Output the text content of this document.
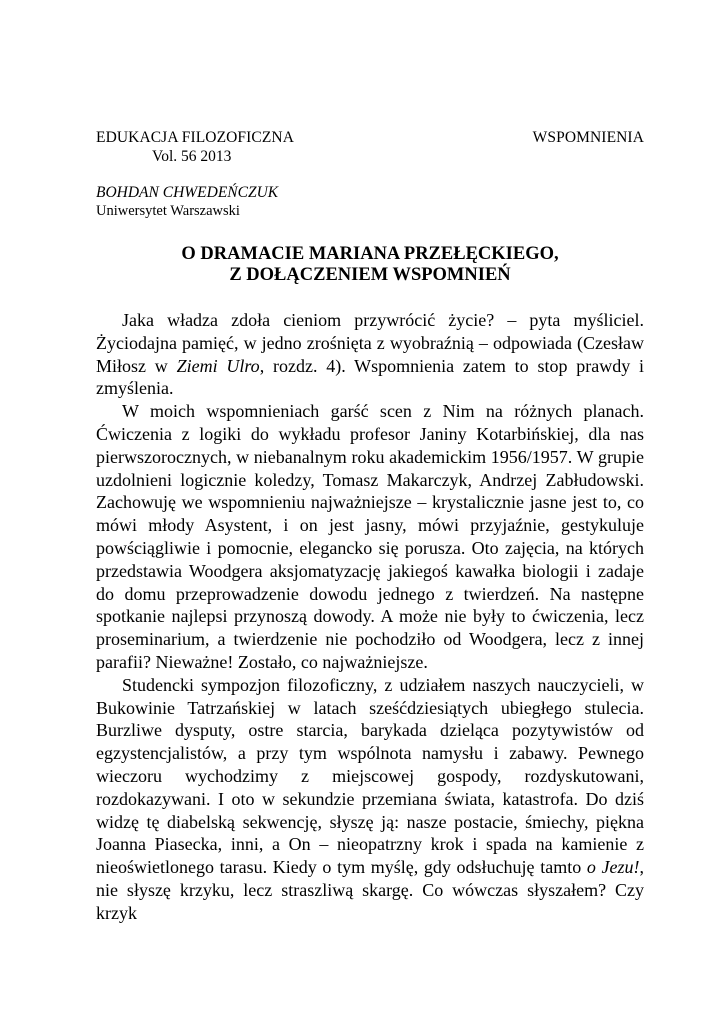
EDUKACJA FILOZOFICZNA	WSPOMNIENIA
Vol. 56 2013
BOHDAN CHWEDEŃCZUK
Uniwersytet Warszawski
O DRAMACIE MARIANA PRZEŁĘCKIEGO,
Z DOŁĄCZENIEM WSPOMNIEŃ

Jaka władza zdoła cieniom przywrócić życie? – pyta myśliciel. Życiodajna pamięć, w jedno zrośnięta z wyobraźnią – odpowiada (Czesław Miłosz w Ziemi Ulro, rozdz. 4). Wspomnienia zatem to stop prawdy i zmyślenia.

W moich wspomnieniach garść scen z Nim na różnych planach. Ćwiczenia z logiki do wykładu profesor Janiny Kotarbińskiej, dla nas pierwszorocznych, w niebanalnym roku akademickim 1956/1957. W grupie uzdolnieni logicznie koledzy, Tomasz Makarczyk, Andrzej Zabłudowski. Zachowuję we wspomnieniu najważniejsze – krystalicznie jasne jest to, co mówi młody Asystent, i on jest jasny, mówi przyjaźnie, gestykuluje powściągliwie i pomocnie, elegancko się porusza. Oto zajęcia, na których przedstawia Woodgera aksjomatyzację jakiegoś kawałka biologii i zadaje do domu przeprowadzenie dowodu jednego z twierdzeń. Na następne spotkanie najlepsi przynoszą dowody. A może nie były to ćwiczenia, lecz proseminarium, a twierdzenie nie pochodziło od Woodgera, lecz z innej parafii? Nieważne! Zostało, co najważniejsze.

Studencki sympozjon filozoficzny, z udziałem naszych nauczycieli, w Bukowinie Tatrzańskiej w latach sześćdziesiątych ubiegłego stulecia. Burzliwe dysputy, ostre starcia, barykada dzieląca pozytywistów od egzystencjalistów, a przy tym wspólnota namysłu i zabawy. Pewnego wieczoru wychodzimy z miejscowej gospody, rozdyskutowani, rozdokazywani. I oto w sekundzie przemiana świata, katastrofa. Do dziś widzę tę diabelską sekwencję, słyszę ją: nasze postacie, śmiechy, piękna Joanna Piasecka, inni, a On – nieopatrzny krok i spada na kamienie z nieoświetlonego tarasu. Kiedy o tym myślę, gdy odsłuchuję tamto o Jezu!, nie słyszę krzyku, lecz straszliwą skargę. Co wówczas słyszałem? Czy krzyk
